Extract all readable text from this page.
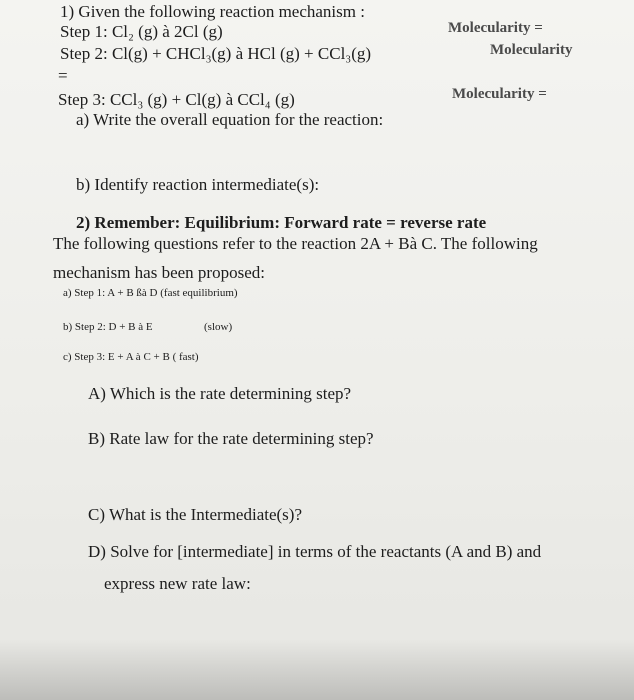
1) Given the following reaction mechanism :
Step 1: Cl₂ (g) à 2Cl (g)	Molecularity =
Step 2: Cl(g) + CHCl₃(g) à HCl (g) + CCl₃(g)	Molecularity
=
Step 3: CCl₃ (g) + Cl(g) à CCl₄ (g)	Molecularity =
a) Write the overall equation for the reaction:
b) Identify reaction intermediate(s):
2) Remember: Equilibrium: Forward rate = reverse rate
The following questions refer to the reaction 2A + Bà C. The following
mechanism has been proposed:
a) Step 1: A + B ßà D (fast equilibrium)
b) Step 2: D + B à E	(slow)
c) Step 3: E + A à C + B ( fast)
A) Which is the rate determining step?
B) Rate law for the rate determining step?
C) What is the Intermediate(s)?
D) Solve for [intermediate] in terms of the reactants (A and B) and
express new rate law:
